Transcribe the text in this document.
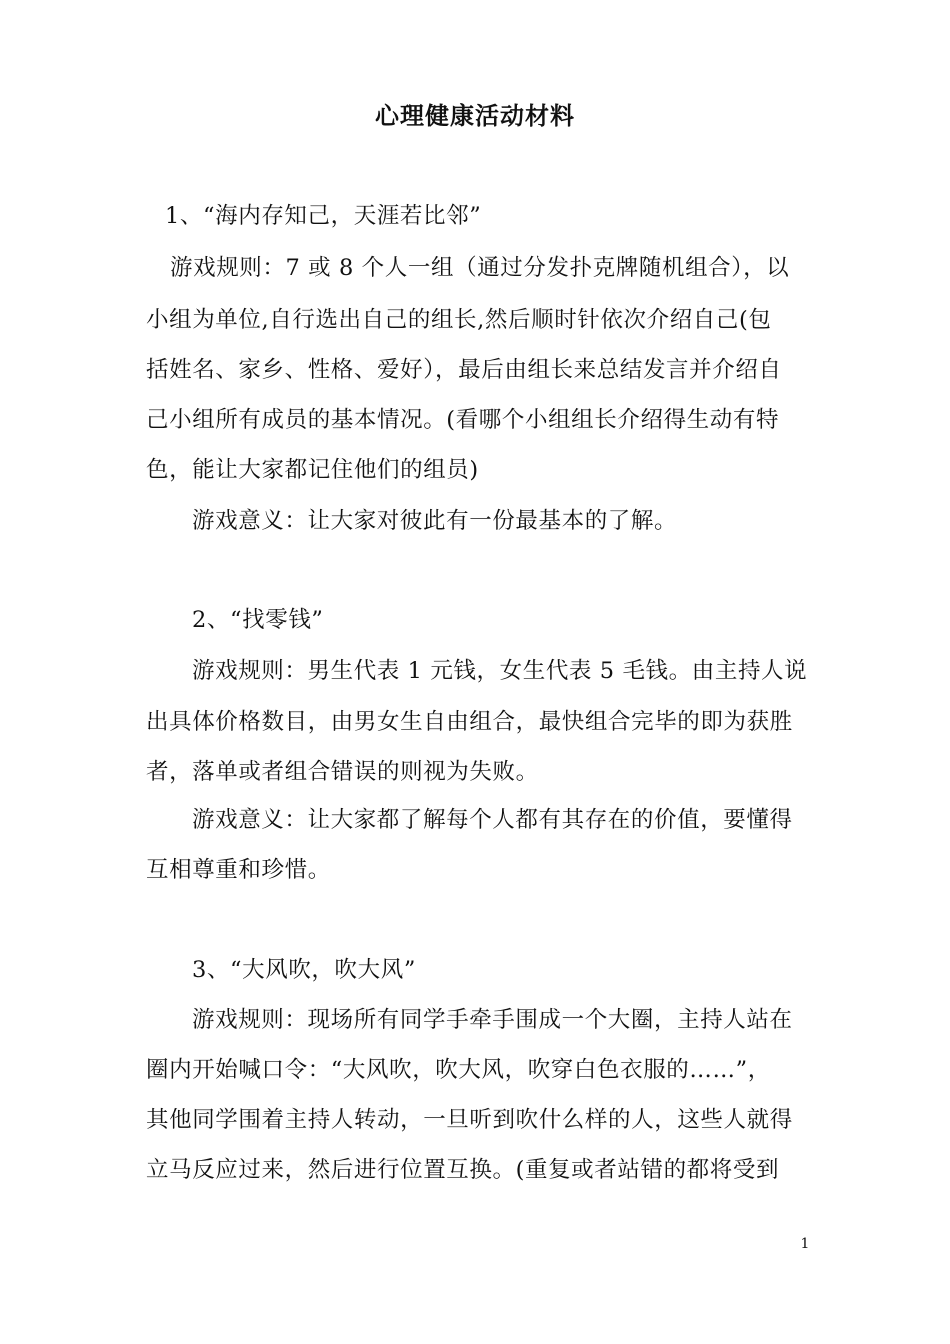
心理健康活动材料
1、“海内存知己，天涯若比邻”
游戏规则：7 或 8 个人一组（通过分发扑克牌随机组合），以
小组为单位,自行选出自己的组长,然后顺时针依次介绍自己(包
括姓名、家乡、性格、爱好），最后由组长来总结发言并介绍自
己小组所有成员的基本情况。(看哪个小组组长介绍得生动有特
色，能让大家都记住他们的组员)
游戏意义：让大家对彼此有一份最基本的了解。
2、“找零钱”
游戏规则：男生代表 1 元钱，女生代表 5 毛钱。由主持人说
出具体价格数目，由男女生自由组合，最快组合完毕的即为获胜
者，落单或者组合错误的则视为失败。
游戏意义：让大家都了解每个人都有其存在的价值，要懂得
互相尊重和珍惜。
3、“大风吹，吹大风”
游戏规则：现场所有同学手牵手围成一个大圈，主持人站在
圈内开始喊口令：“大风吹，吹大风，吹穿白色衣服的……”，
其他同学围着主持人转动，一旦听到吹什么样的人，这些人就得
立马反应过来，然后进行位置互换。(重复或者站错的都将受到
1
